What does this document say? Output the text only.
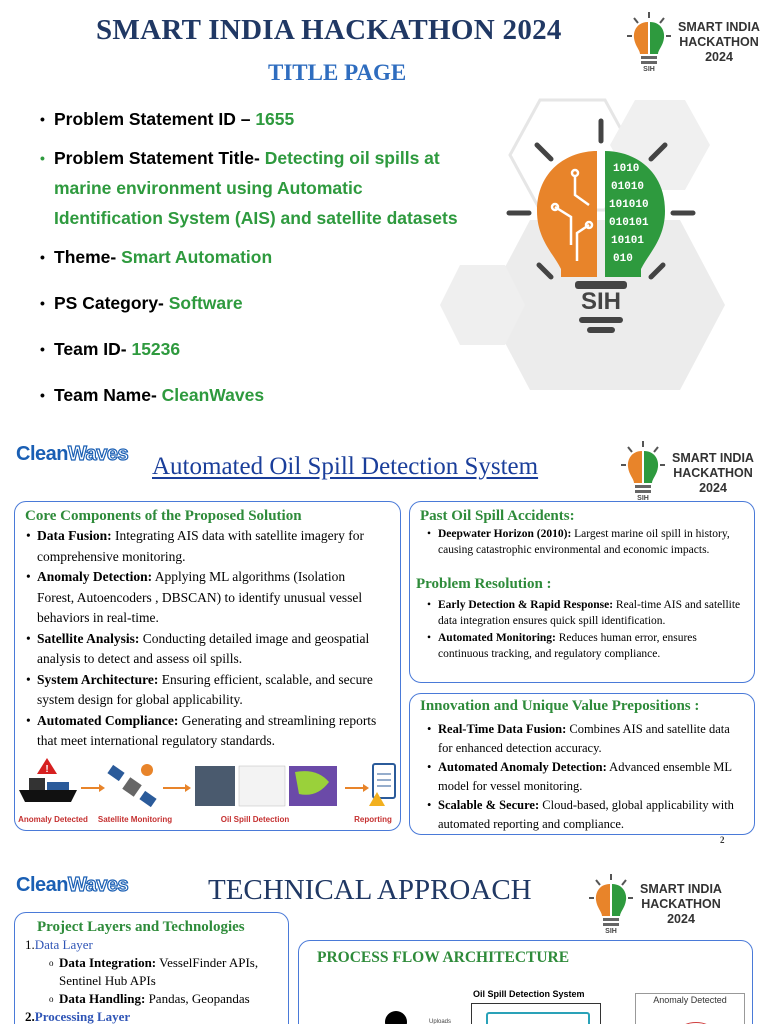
SMART INDIA HACKATHON 2024
TITLE PAGE	SIH
SMART INDIA
HACKATHON
2024
• Problem Statement ID – 1655
• Problem Statement Title- Detecting oil spills at
marine environment using Automatic
Identification System (AIS) and satellite datasets
• Theme- Smart Automation
• PS Category- Software
• Team ID- 15236
• Team Name- CleanWaves
1010
01010
101010
010101
10101
010
SIH
CleanWaves Automated Oil Spill Detection System
SIH
SMART INDIA
HACKATHON
2024
Core Components of the Proposed Solution
• Data Fusion: Integrating AIS data with satellite imagery for comprehensive monitoring.
• Anomaly Detection: Applying ML algorithms (Isolation Forest, Autoencoders , DBSCAN) to identify unusual vessel behaviors in real-time.
• Satellite Analysis: Conducting detailed image and geospatial analysis to detect and assess oil spills.
• System Architecture: Ensuring efficient, scalable, and secure system design for global applicability.
• Automated Compliance: Generating and streamlining reports that meet international regulatory standards.
!
Anomaly Detected Satellite Monitoring	Oil Spill Detection	Reporting
Past Oil Spill Accidents:
• Deepwater Horizon (2010): Largest marine oil spill in history, causing catastrophic environmental and economic impacts.
Problem Resolution :
• Early Detection & Rapid Response: Real-time AIS and satellite data integration ensures quick spill identification.
• Automated Monitoring: Reduces human error, ensures continuous tracking, and regulatory compliance.
Innovation and Unique Value Prepositions :
• Real-Time Data Fusion: Combines AIS and satellite data for enhanced detection accuracy.
• Automated Anomaly Detection: Advanced ensemble ML model for vessel monitoring.
• Scalable & Secure: Cloud-based, global applicability with automated reporting and compliance.
2
CleanWaves	TECHNICAL APPROACH
SIH
SMART INDIA
HACKATHON
2024
Project Layers and Technologies
1.Data Layer
o Data Integration: VesselFinder APIs, Sentinel Hub APIs
o Data Handling: Pandas, Geopandas
2.Processing Layer
PROCESS FLOW ARCHITECTURE
Oil Spill Detection System
Uploads
Anomaly Detected
